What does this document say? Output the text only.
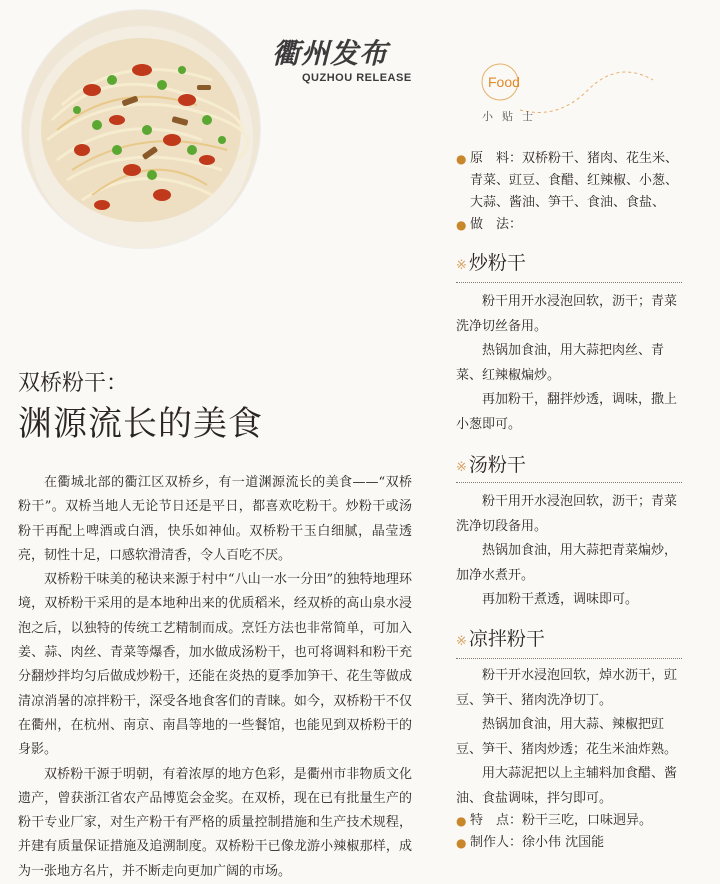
衢州发布
QUZHOU RELEASE	Food
小贴士
● 原　料：双桥粉干、猪肉、花生米、青菜、豇豆、食醋、红辣椒、小葱、大蒜、酱油、笋干、食油、食盐、
● 做　法：
※ 炒粉干

粉干用开水浸泡回软，沥干；青菜洗净切丝备用。

热锅加食油，用大蒜把肉丝、青菜、红辣椒煸炒。

再加粉干，翻拌炒透，调味，撒上小葱即可。

※ 汤粉干

粉干用开水浸泡回软，沥干；青菜洗净切段备用。

热锅加食油，用大蒜把青菜煸炒，加净水煮开。

再加粉干煮透，调味即可。

※ 凉拌粉干

粉干开水浸泡回软，焯水沥干，豇豆、笋干、猪肉洗净切丁。

热锅加食油，用大蒜、辣椒把豇豆、笋干、猪肉炒透；花生米油炸熟。

用大蒜泥把以上主辅料加食醋、酱油、食盐调味，拌匀即可。

● 特　点：粉干三吃，口味迥异。
● 制作人：徐小伟 沈国能
双桥粉干：
渊源流长的美食

在衢城北部的衢江区双桥乡，有一道渊源流长的美食——“双桥粉干”。双桥当地人无论节日还是平日，都喜欢吃粉干。炒粉干或汤粉干再配上啤酒或白酒，快乐如神仙。双桥粉干玉白细腻，晶莹透亮，韧性十足，口感软滑清香，令人百吃不厌。

双桥粉干味美的秘诀来源于村中“八山一水一分田”的独特地理环境，双桥粉干采用的是本地种出来的优质稻米，经双桥的高山泉水浸泡之后，以独特的传统工艺精制而成。烹饪方法也非常简单，可加入姜、蒜、肉丝、青菜等爆香，加水做成汤粉干，也可将调料和粉干充分翻炒拌均匀后做成炒粉干，还能在炎热的夏季加笋干、花生等做成清凉消暑的凉拌粉干，深受各地食客们的青睐。如今，双桥粉干不仅在衢州，在杭州、南京、南昌等地的一些餐馆，也能见到双桥粉干的身影。

双桥粉干源于明朝，有着浓厚的地方色彩，是衢州市非物质文化遗产，曾获浙江省农产品博览会金奖。在双桥，现在已有批量生产的粉干专业厂家，对生产粉干有严格的质量控制措施和生产技术规程，并建有质量保证措施及追溯制度。双桥粉干已像龙游小辣椒那样，成为一张地方名片，并不断走向更加广阔的市场。
